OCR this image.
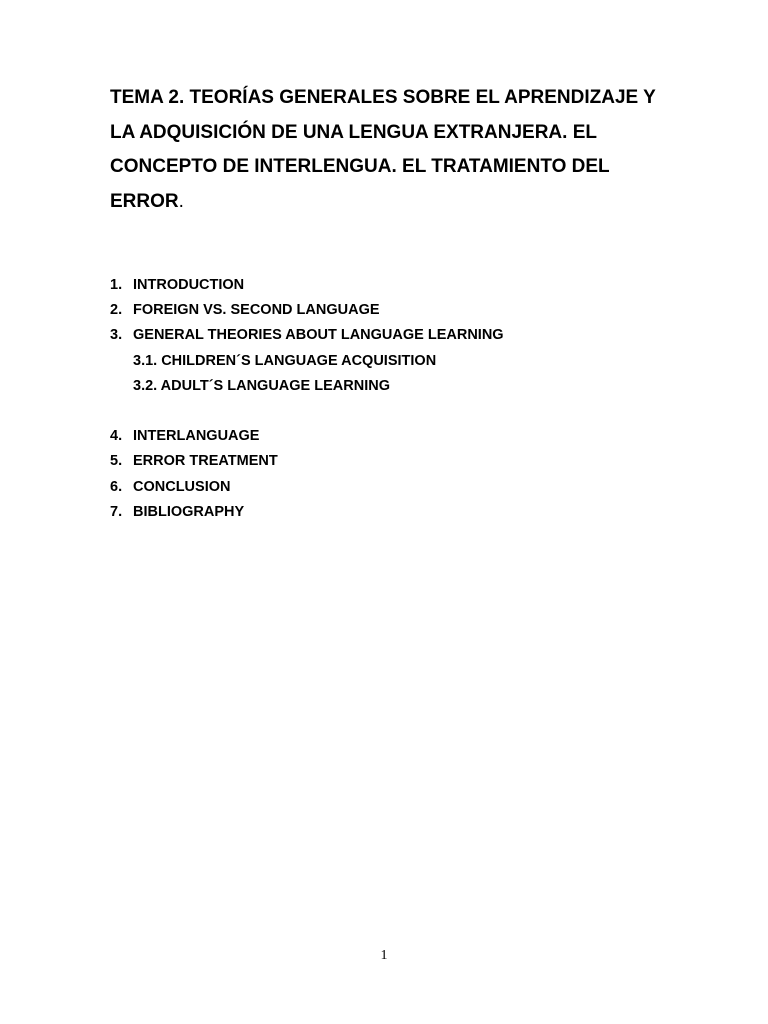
TEMA 2. TEORÍAS GENERALES SOBRE EL APRENDIZAJE Y LA ADQUISICIÓN DE UNA LENGUA EXTRANJERA. EL CONCEPTO DE INTERLENGUA. EL TRATAMIENTO DEL ERROR.
1. INTRODUCTION
2. FOREIGN VS. SECOND LANGUAGE
3. GENERAL THEORIES ABOUT LANGUAGE LEARNING
3.1. CHILDREN´S LANGUAGE ACQUISITION
3.2. ADULT´S LANGUAGE LEARNING
4. INTERLANGUAGE
5. ERROR TREATMENT
6. CONCLUSION
7. BIBLIOGRAPHY
1
